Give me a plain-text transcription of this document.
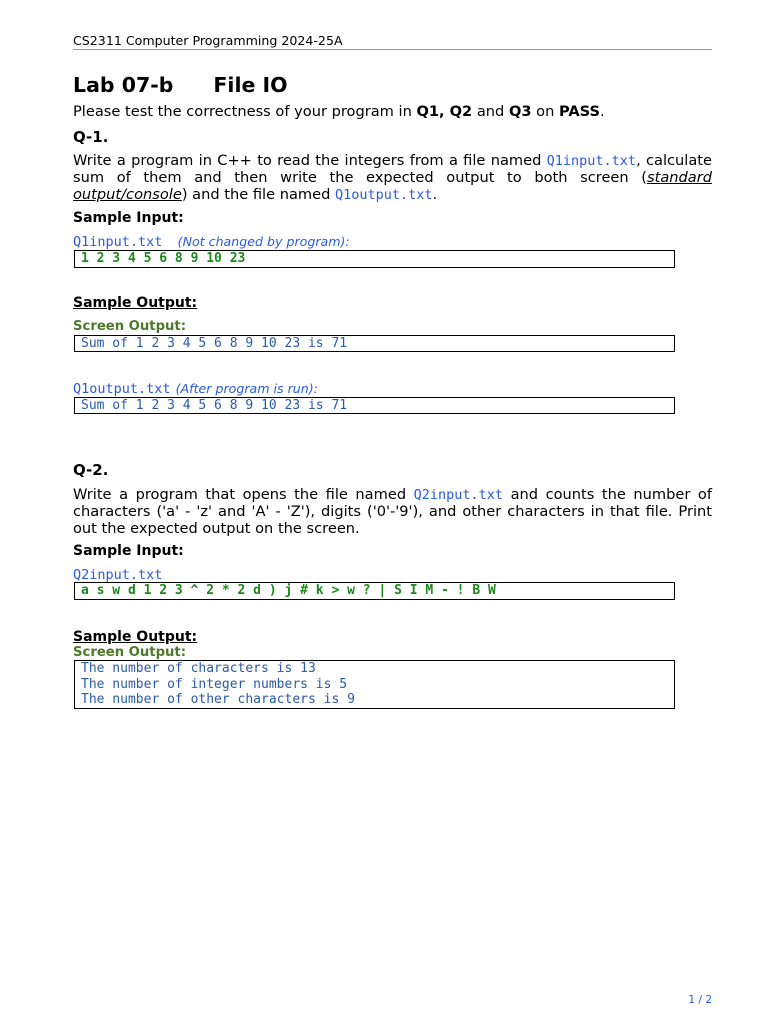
CS2311 Computer Programming 2024-25A
Lab 07-b File IO
Please test the correctness of your program in Q1, Q2 and Q3 on PASS.
Q-1.
Write a program in C++ to read the integers from a file named Q1input.txt, calculate sum of them and then write the expected output to both screen (standard output/console) and the file named Q1output.txt.
Sample Input:
Q1input.txt (Not changed by program):
1 2 3 4 5 6 8 9 10 23
Sample Output:
Screen Output:
Sum of 1 2 3 4 5 6 8 9 10 23 is 71
Q1output.txt (After program is run):
Sum of 1 2 3 4 5 6 8 9 10 23 is 71
Q-2.
Write a program that opens the file named Q2input.txt and counts the number of characters ('a' - 'z' and 'A' - 'Z'), digits ('0'-'9'), and other characters in that file. Print out the expected output on the screen.
Sample Input:
Q2input.txt
a s w d 1 2 3 ^ 2 * 2 d ) j # k > w ? | S I M - ! B W
Sample Output:
Screen Output:
The number of characters is 13
The number of integer numbers is 5
The number of other characters is 9
1 / 2
